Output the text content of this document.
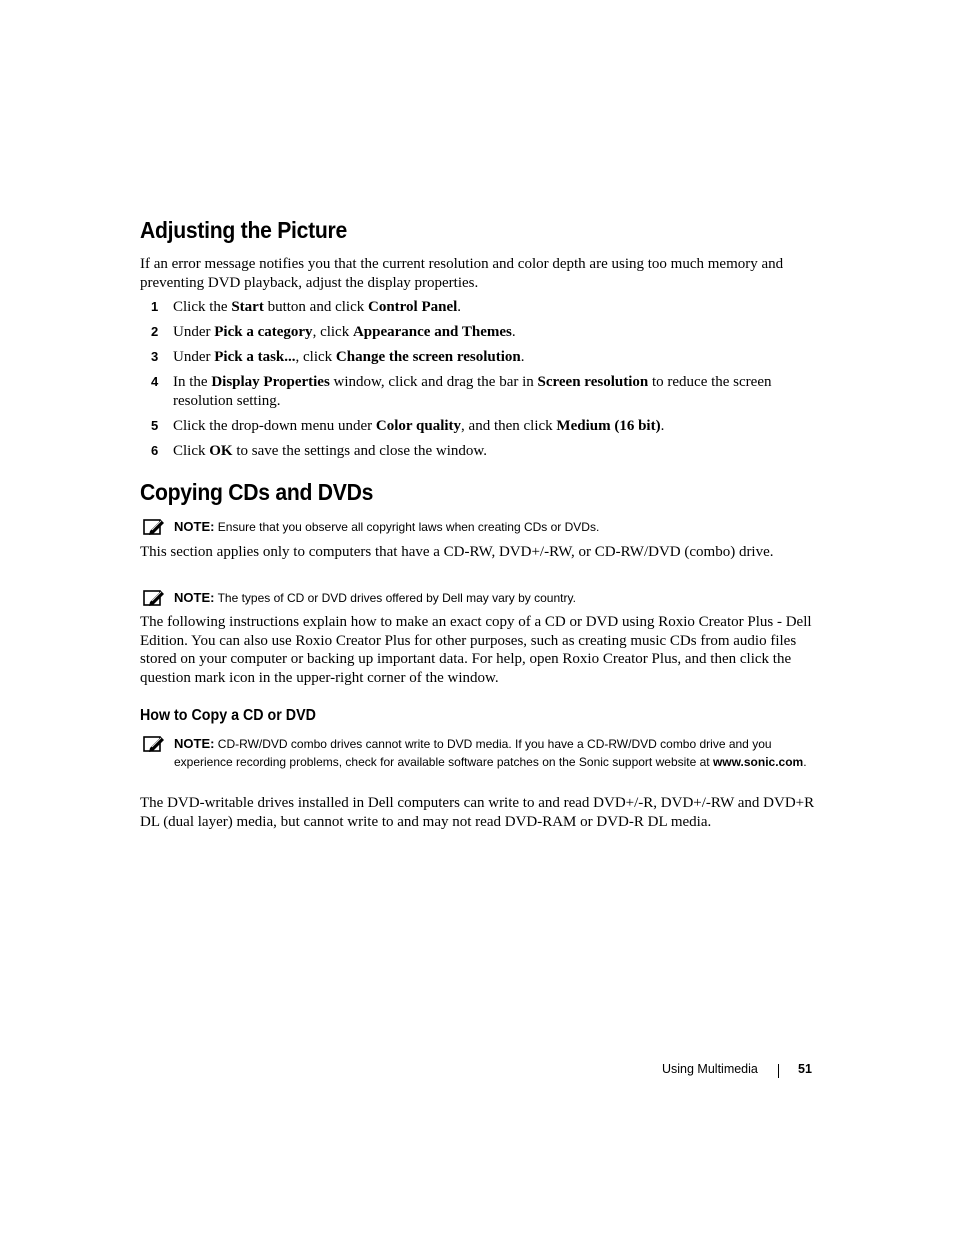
Adjusting the Picture

If an error message notifies you that the current resolution and color depth are using too much memory and preventing DVD playback, adjust the display properties.

1 Click the Start button and click Control Panel.
2 Under Pick a category, click Appearance and Themes.
3 Under Pick a task..., click Change the screen resolution.
4 In the Display Properties window, click and drag the bar in Screen resolution to reduce the screen resolution setting.
5 Click the drop-down menu under Color quality, and then click Medium (16 bit).
6 Click OK to save the settings and close the window.
Copying CDs and DVDs
NOTE: Ensure that you observe all copyright laws when creating CDs or DVDs.

This section applies only to computers that have a CD-RW, DVD+/-RW, or CD-RW/DVD (combo) drive.

NOTE: The types of CD or DVD drives offered by Dell may vary by country.

The following instructions explain how to make an exact copy of a CD or DVD using Roxio Creator Plus - Dell Edition. You can also use Roxio Creator Plus for other purposes, such as creating music CDs from audio files stored on your computer or backing up important data. For help, open Roxio Creator Plus, and then click the question mark icon in the upper-right corner of the window.

How to Copy a CD or DVD
NOTE: CD-RW/DVD combo drives cannot write to DVD media. If you have a CD-RW/DVD combo drive and you experience recording problems, check for available software patches on the Sonic support website at www.sonic.com.

The DVD-writable drives installed in Dell computers can write to and read DVD+/-R, DVD+/-RW and DVD+R DL (dual layer) media, but cannot write to and may not read DVD-RAM or DVD-R DL media.

Using Multimedia	51
